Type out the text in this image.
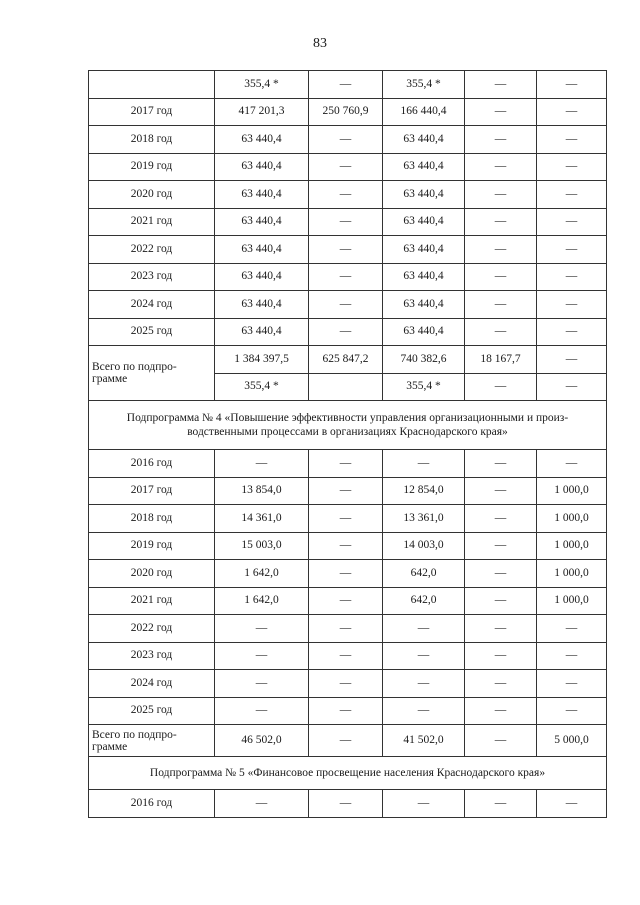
83
	355,4 *	—	355,4 *	—	—
2017 год	417 201,3	250 760,9	166 440,4	—	—
2018 год	63 440,4	—	63 440,4	—	—
2019 год	63 440,4	—	63 440,4	—	—
2020 год	63 440,4	—	63 440,4	—	—
2021 год	63 440,4	—	63 440,4	—	—
2022 год	63 440,4	—	63 440,4	—	—
2023 год	63 440,4	—	63 440,4	—	—
2024 год	63 440,4	—	63 440,4	—	—
2025 год	63 440,4	—	63 440,4	—	—
Всего по подпро-
грамме	1 384 397,5	625 847,2	740 382,6	18 167,7	—
	355,4 *		355,4 *	—	—
Подпрограмма № 4 «Повышение эффективности управления организационными и произ-водственными процессами в организациях Краснодарского края»					
2016 год	—	—	—	—	—
2017 год	13 854,0	—	12 854,0	—	1 000,0
2018 год	14 361,0	—	13 361,0	—	1 000,0
2019 год	15 003,0	—	14 003,0	—	1 000,0
2020 год	1 642,0	—	642,0	—	1 000,0
2021 год	1 642,0	—	642,0	—	1 000,0
2022 год	—	—	—	—	—
2023 год	—	—	—	—	—
2024 год	—	—	—	—	—
2025 год	—	—	—	—	—
Всего по подпро-
грамме	46 502,0	—	41 502,0	—	5 000,0
Подпрограмма № 5 «Финансовое просвещение населения Краснодарского края»					
2016 год	—	—	—	—	—
